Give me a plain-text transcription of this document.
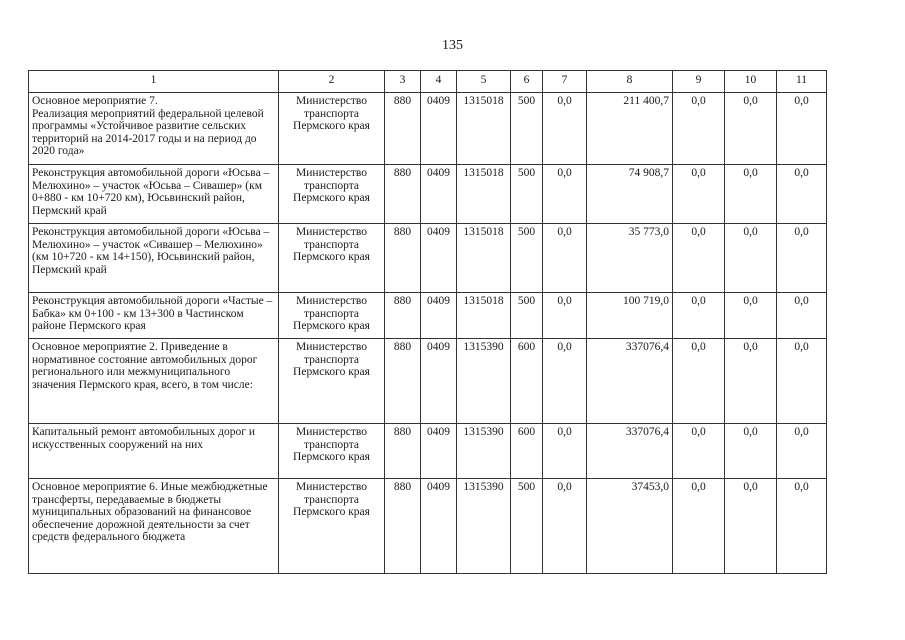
135
1	2	3	4	5	6	7	8	9	10	11
Основное мероприятие 7.
Реализация мероприятий федеральной целевой программы «Устойчивое развитие сельских территорий на 2014-2017 годы и на период до 2020 года»	Министерство транспорта Пермского края	880	0409	1315018	500	0,0	211 400,7	0,0	0,0	0,0
Реконструкция автомобильной дороги «Юсьва – Мелюхино» – участок «Юсьва – Сивашер» (км 0+880 - км 10+720 км), Юсьвинский район, Пермский край	Министерство транспорта Пермского края	880	0409	1315018	500	0,0	74 908,7	0,0	0,0	0,0
Реконструкция автомобильной дороги «Юсьва – Мелюхино» – участок «Сивашер – Мелюхино» (км 10+720 - км 14+150), Юсьвинский район, Пермский край	Министерство транспорта Пермского края	880	0409	1315018	500	0,0	35 773,0	0,0	0,0	0,0
Реконструкция автомобильной дороги «Частые – Бабка» км 0+100 - км 13+300 в Частинском районе Пермского края	Министерство транспорта Пермского края	880	0409	1315018	500	0,0	100 719,0	0,0	0,0	0,0
Основное мероприятие 2. Приведение в нормативное состояние автомобильных дорог регионального или межмуниципального значения Пермского края, всего, в том числе:	Министерство транспорта Пермского края	880	0409	1315390	600	0,0	337076,4	0,0	0,0	0,0
Капитальный ремонт автомобильных дорог и искусственных сооружений на них	Министерство транспорта Пермского края	880	0409	1315390	600	0,0	337076,4	0,0	0,0	0,0
Основное мероприятие 6. Иные межбюджетные трансферты, передаваемые в бюджеты муниципальных образований на финансовое обеспечение дорожной деятельности за счет средств федерального бюджета	Министерство транспорта Пермского края	880	0409	1315390	500	0,0	37453,0	0,0	0,0	0,0
